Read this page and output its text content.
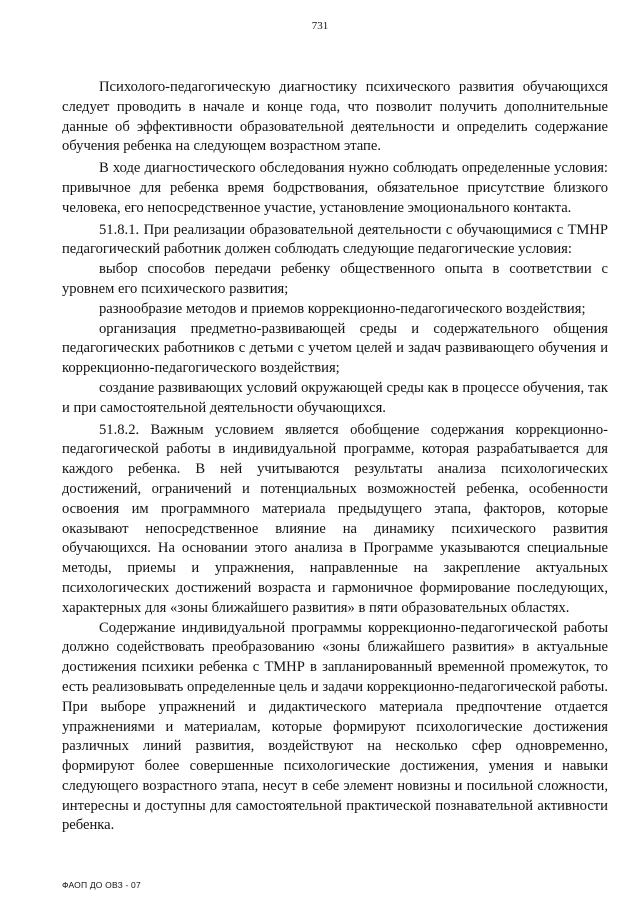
731

Психолого-педагогическую диагностику психического развития обучающихся следует проводить в начале и конце года, что позволит получить дополнительные данные об эффективности образовательной деятельности и определить содержание обучения ребенка на следующем возрастном этапе.

В ходе диагностического обследования нужно соблюдать определенные условия: привычное для ребенка время бодрствования, обязательное присутствие близкого человека, его непосредственное участие, установление эмоционального контакта.

51.8.1. При реализации образовательной деятельности с обучающимися с ТМНР педагогический работник должен соблюдать следующие педагогические условия:

выбор способов передачи ребенку общественного опыта в соответствии с уровнем его психического развития;

разнообразие методов и приемов коррекционно-педагогического воздействия;

организация предметно-развивающей среды и содержательного общения педагогических работников с детьми с учетом целей и задач развивающего обучения и коррекционно-педагогического воздействия;

создание развивающих условий окружающей среды как в процессе обучения, так и при самостоятельной деятельности обучающихся.

51.8.2. Важным условием является обобщение содержания коррекционно-педагогической работы в индивидуальной программе, которая разрабатывается для каждого ребенка. В ней учитываются результаты анализа психологических достижений, ограничений и потенциальных возможностей ребенка, особенности освоения им программного материала предыдущего этапа, факторов, которые оказывают непосредственное влияние на динамику психического развития обучающихся. На основании этого анализа в Программе указываются специальные методы, приемы и упражнения, направленные на закрепление актуальных психологических достижений возраста и гармоничное формирование последующих, характерных для «зоны ближайшего развития» в пяти образовательных областях.

Содержание индивидуальной программы коррекционно-педагогической работы должно содействовать преобразованию «зоны ближайшего развития» в актуальные достижения психики ребенка с ТМНР в запланированный временной промежуток, то есть реализовывать определенные цель и задачи коррекционно-педагогической работы. При выборе упражнений и дидактического материала предпочтение отдается упражнениями и материалам, которые формируют психологические достижения различных линий развития, воздействуют на несколько сфер одновременно, формируют более совершенные психологические достижения, умения и навыки следующего возрастного этапа, несут в себе элемент новизны и посильной сложности, интересны и доступны для самостоятельной практической познавательной активности ребенка.

ФАОП ДО ОВЗ - 07
